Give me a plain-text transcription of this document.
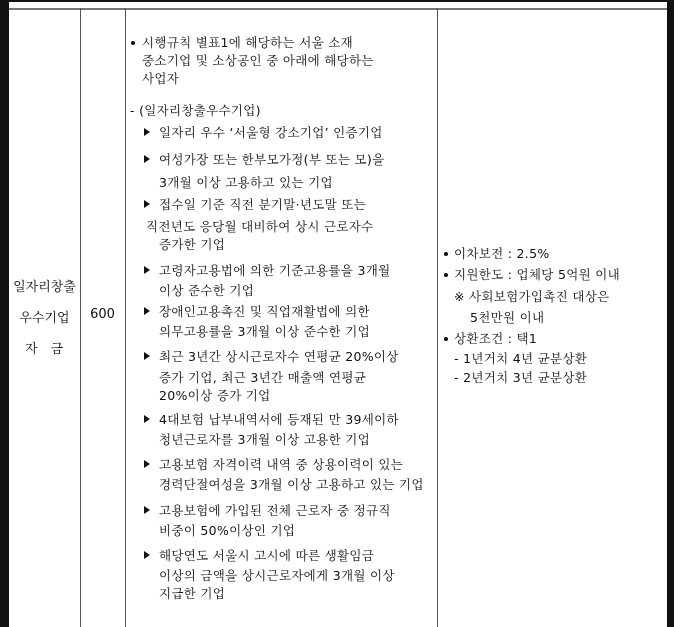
일자리창출
우수기업
자 금
600
시행규칙 별표1에 해당하는 서울 소재
중소기업 및 소상공인 중 아래에 해당하는
사업자
- (일자리창출우수기업)
일자리 우수 ‘서울형 강소기업’ 인증기업
여성가장 또는 한부모가정(부 또는 모)을
3개월 이상 고용하고 있는 기업
접수일 기준 직전 분기말·년도말 또는
직전년도 응당월 대비하여 상시 근로자수
증가한 기업
고령자고용법에 의한 기준고용률을 3개월
이상 준수한 기업
장애인고용촉진 및 직업재활법에 의한
의무고용률을 3개월 이상 준수한 기업
최근 3년간 상시근로자수 연평균 20%이상
증가 기업, 최근 3년간 매출액 연평균
20%이상 증가 기업
4대보험 납부내역서에 등재된 만 39세이하
청년근로자를 3개월 이상 고용한 기업
고용보험 자격이력 내역 중 상용이력이 있는
경력단절여성을 3개월 이상 고용하고 있는 기업
고용보험에 가입된 전체 근로자 중 정규직
비중이 50%이상인 기업
해당연도 서울시 고시에 따른 생활임금
이상의 금액을 상시근로자에게 3개월 이상
지급한 기업
이차보전 : 2.5%
지원한도 : 업체당 5억원 이내
※ 사회보험가입촉진 대상은
5천만원 이내
상환조건 : 택1
- 1년거치 4년 균분상환
- 2년거치 3년 균분상환
